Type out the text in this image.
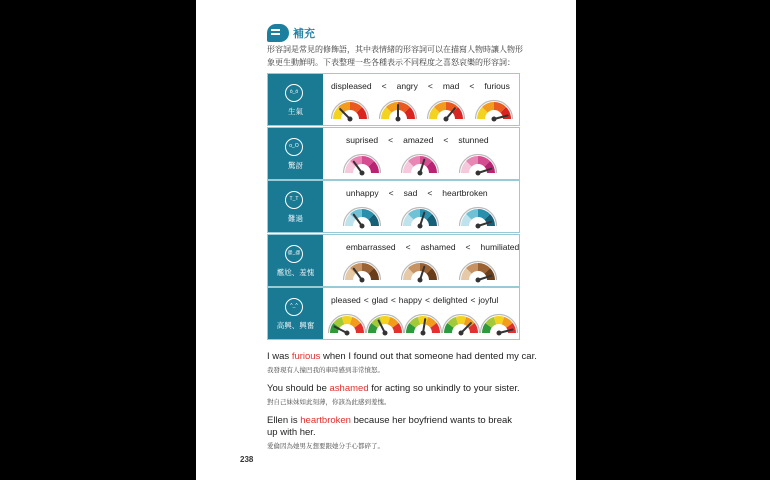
補充
形容詞是常見的修飾語，其中表情緒的形容詞可以在描寫人物時讓人物形象更生動鮮明。下表整理一些各種表示不同程度之喜怒哀樂的形容詞：
ò_ó
生氣
displeased < angry < mad < furious
o_O
驚訝
suprised < amazed < stunned
T_T
難過
unhappy < sad < heartbroken
@_@
尷尬、羞愧
embarrassed < ashamed < humiliated
^_^
高興、興奮
pleased < glad < happy < delighted < joyful
I was furious when I found out that someone had dented my car.
我發現有人撞凹我的車時感到非常憤怒。
You should be ashamed for acting so unkindly to your sister.
對自己妹妹如此刻薄，你該為此感到羞愧。
Ellen is heartbroken because her boyfriend wants to break up with her.
愛倫因為她男友想要跟她分手心都碎了。
238
